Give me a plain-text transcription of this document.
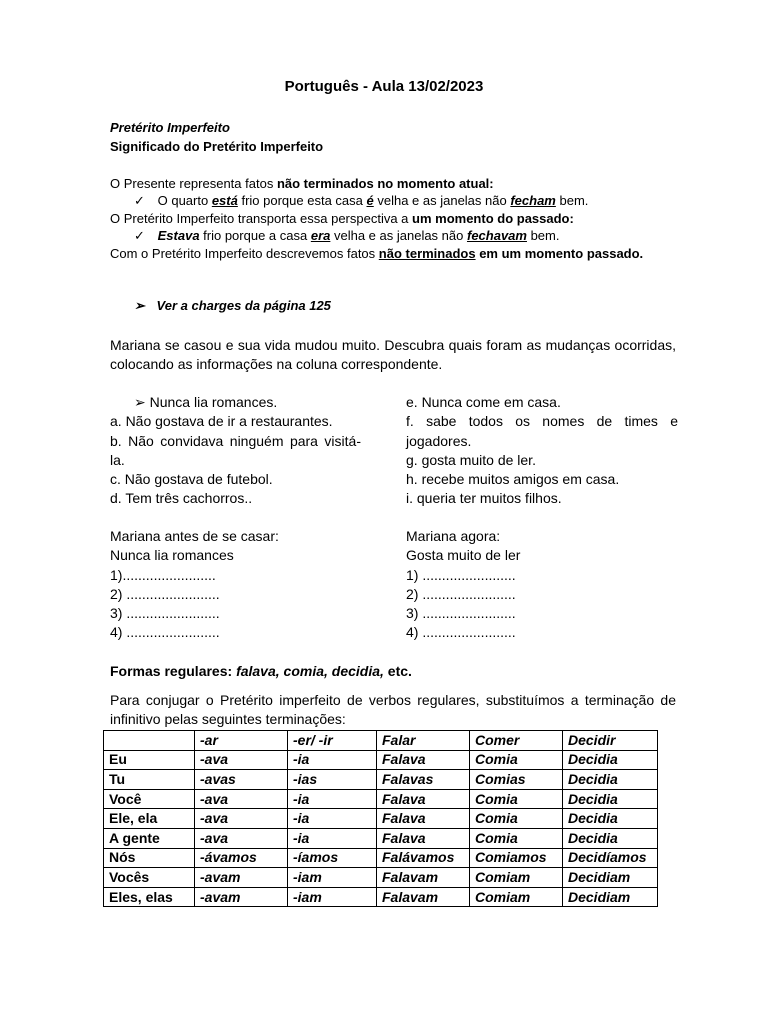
Português - Aula 13/02/2023
Pretérito Imperfeito
Significado do Pretérito Imperfeito
O Presente representa fatos não terminados no momento atual:
✓ O quarto está frio porque esta casa é velha e as janelas não fecham bem.
O Pretérito Imperfeito transporta essa perspectiva a um momento do passado:
✓ Estava frio porque a casa era velha e as janelas não fechavam bem.
Com o Pretérito Imperfeito descrevemos fatos não terminados em um momento passado.
➢ Ver a charges da página 125
Mariana se casou e sua vida mudou muito. Descubra quais foram as mudanças ocorridas, colocando as informações na coluna correspondente.
➢ Nunca lia romances.
a. Não gostava de ir a restaurantes.
b. Não convidava ninguém para visitá-la.
c. Não gostava de futebol.
d. Tem três cachorros..
e. Nunca come em casa.
f. sabe todos os nomes de times e jogadores.
g. gosta muito de ler.
h. recebe muitos amigos em casa.
i. queria ter muitos filhos.
Mariana antes de se casar:
Nunca lia romances
1)........................
2) ........................
3) ........................
4) ........................
Mariana agora:
Gosta muito de ler
1) ........................
2) ........................
3) ........................
4) ........................
Formas regulares: falava, comia, decidia, etc.
Para conjugar o Pretérito imperfeito de verbos regulares, substituímos a terminação de infinitivo pelas seguintes terminações:
	-ar	-er/ -ir	Falar	Comer	Decidir
Eu	-ava	-ia	Falava	Comia	Decidia
Tu	-avas	-ias	Falavas	Comias	Decidia
Você	-ava	-ia	Falava	Comia	Decidia
Ele, ela	-ava	-ia	Falava	Comia	Decidia
A gente	-ava	-ia	Falava	Comia	Decidia
Nós	-ávamos	-íamos	Falávamos	Comiamos	Decidíamos
Vocês	-avam	-iam	Falavam	Comiam	Decidiam
Eles, elas	-avam	-iam	Falavam	Comiam	Decidiam
